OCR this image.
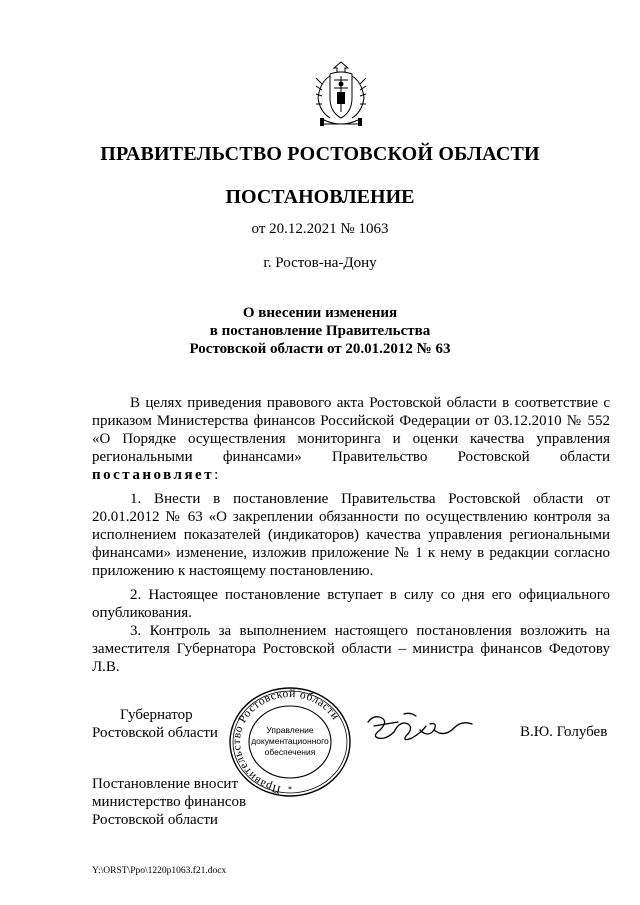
ПРАВИТЕЛЬСТВО РОСТОВСКОЙ ОБЛАСТИ
ПОСТАНОВЛЕНИЕ
от 20.12.2021 № 1063
г. Ростов-на-Дону
О внесении изменения
в постановление Правительства
Ростовской области от 20.01.2012 № 63
В целях приведения правового акта Ростовской области в соответствие с приказом Министерства финансов Российской Федерации от 03.12.2010 № 552 «О Порядке осуществления мониторинга и оценки качества управления региональными финансами» Правительство Ростовской области постановляет:
1. Внести в постановление Правительства Ростовской области от 20.01.2012 № 63 «О закреплении обязанности по осуществлению контроля за исполнением показателей (индикаторов) качества управления региональными финансами» изменение, изложив приложение № 1 к нему в редакции согласно приложению к настоящему постановлению.
2. Настоящее постановление вступает в силу со дня его официального опубликования.
3. Контроль за выполнением настоящего постановления возложить на заместителя Губернатора Ростовской области – министра финансов Федотову Л.В.
Губернатор
Ростовской области
Правительство Ростовской области
Управление
документационного
обеспечения
*
В.Ю. Голубев
Постановление вносит
министерство финансов
Ростовской области
Y:\ORST\Ppo\1220p1063.f21.docx
